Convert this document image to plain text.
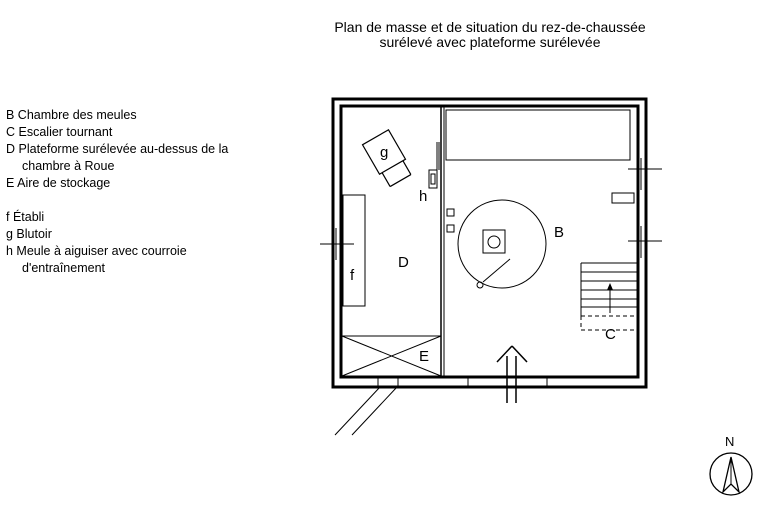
Plan de masse et de situation du rez-de-chaussée
surélevé avec plateforme surélevée
B Chambre des meules
C Escalier tournant
D Plateforme surélevée au-dessus de la
chambre à Roue
E Aire de stockage
f Établi
g Blutoir
h Meule à aiguiser avec courroie
d'entraînement
g
h
D
f
E
B
C
N
